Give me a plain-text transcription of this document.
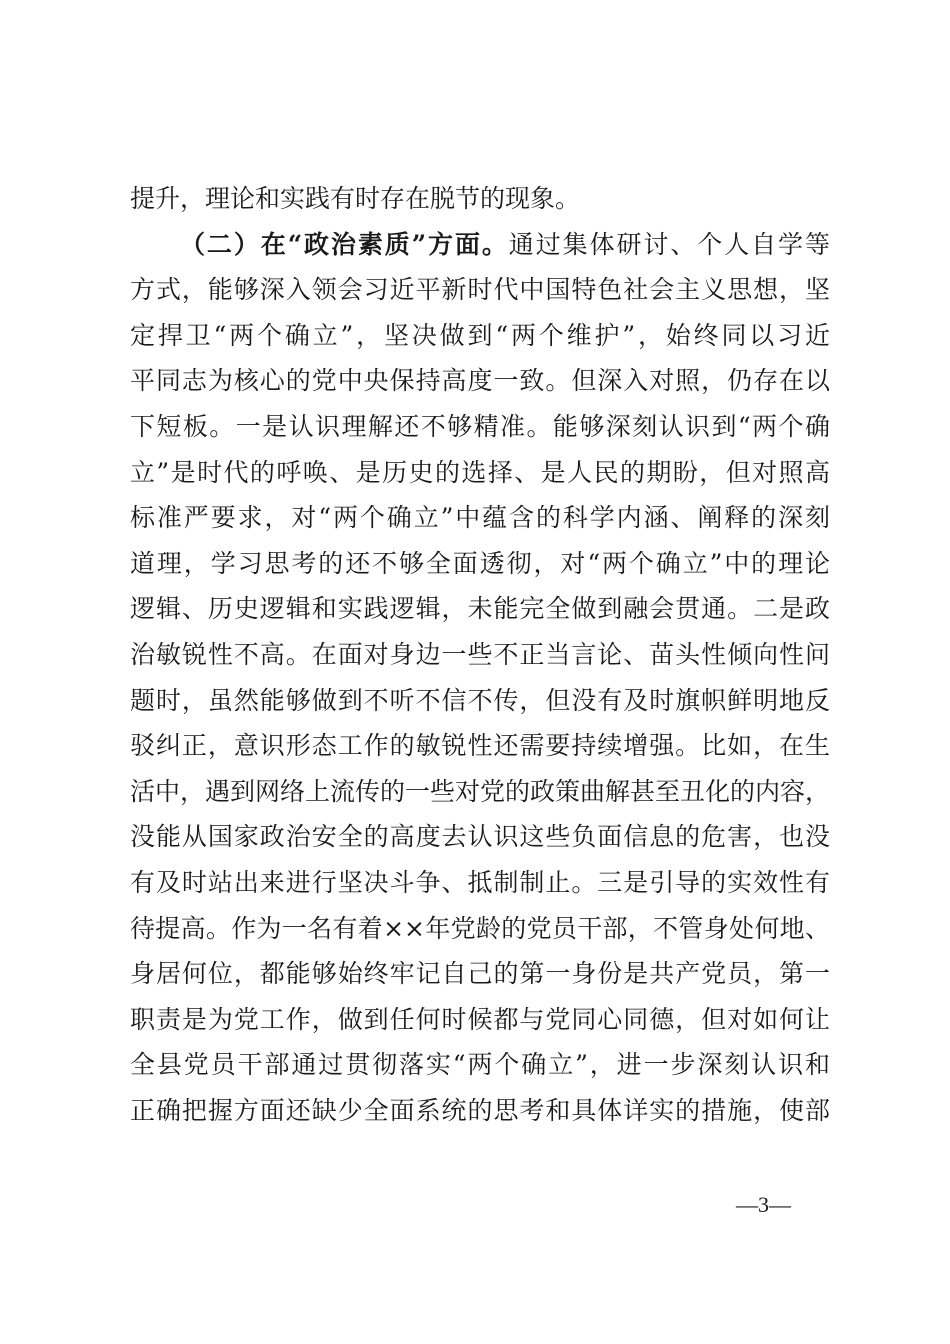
提升，理论和实践有时存在脱节的现象。
（二）在“政治素质”方面。通过集体研讨、个人自学等
方式，能够深入领会习近平新时代中国特色社会主义思想，坚
定捍卫“两个确立”，坚决做到“两个维护”，始终同以习近
平同志为核心的党中央保持高度一致。但深入对照，仍存在以
下短板。一是认识理解还不够精准。能够深刻认识到“两个确
立”是时代的呼唤、是历史的选择、是人民的期盼，但对照高
标准严要求，对“两个确立”中蕴含的科学内涵、阐释的深刻
道理，学习思考的还不够全面透彻，对“两个确立”中的理论
逻辑、历史逻辑和实践逻辑，未能完全做到融会贯通。二是政
治敏锐性不高。在面对身边一些不正当言论、苗头性倾向性问
题时，虽然能够做到不听不信不传，但没有及时旗帜鲜明地反
驳纠正，意识形态工作的敏锐性还需要持续增强。比如，在生
活中，遇到网络上流传的一些对党的政策曲解甚至丑化的内容，
没能从国家政治安全的高度去认识这些负面信息的危害，也没
有及时站出来进行坚决斗争、抵制制止。三是引导的实效性有
待提高。作为一名有着××年党龄的党员干部，不管身处何地、
身居何位，都能够始终牢记自己的第一身份是共产党员，第一
职责是为党工作，做到任何时候都与党同心同德，但对如何让
全县党员干部通过贯彻落实“两个确立”，进一步深刻认识和
正确把握方面还缺少全面系统的思考和具体详实的措施，使部
—3—
